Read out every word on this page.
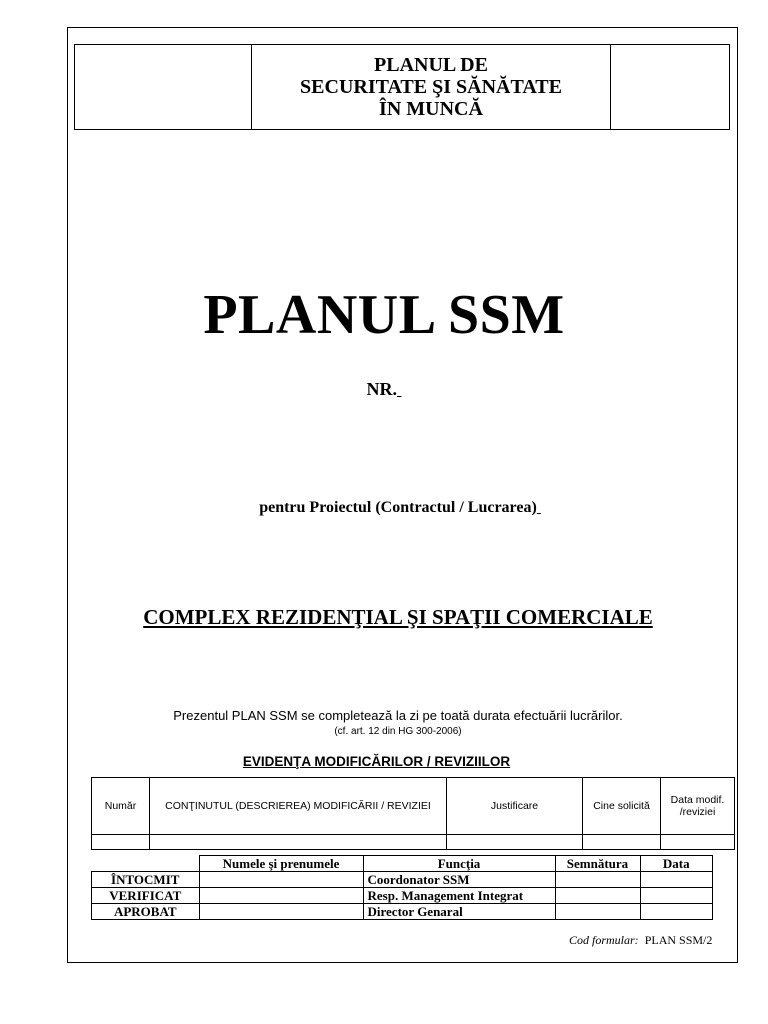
PLANUL DE
SECURITATE ŞI SĂNĂTATE
ÎN MUNCĂ

PLANUL SSM
NR.
pentru Proiectul (Contractul / Lucrarea)
COMPLEX REZIDENŢIAL ŞI SPAŢII COMERCIALE
Prezentul PLAN SSM se completează la zi pe toată durata efectuării lucrărilor.
(cf. art. 12 din HG 300-2006)
EVIDENŢA MODIFICĂRILOR / REVIZIILOR
Număr	CONŢINUTUL (DESCRIEREA) MODIFICĂRII / REVIZIEI	Justificare	Cine solicită	Data modif. /reviziei

	Numele şi prenumele	Funcţia	Semnătura	Data
ÎNTOCMIT		Coordonator SSM		
VERIFICAT		Resp. Management Integrat		
APROBAT		Director Genaral		
Cod formular: PLAN SSM/2
